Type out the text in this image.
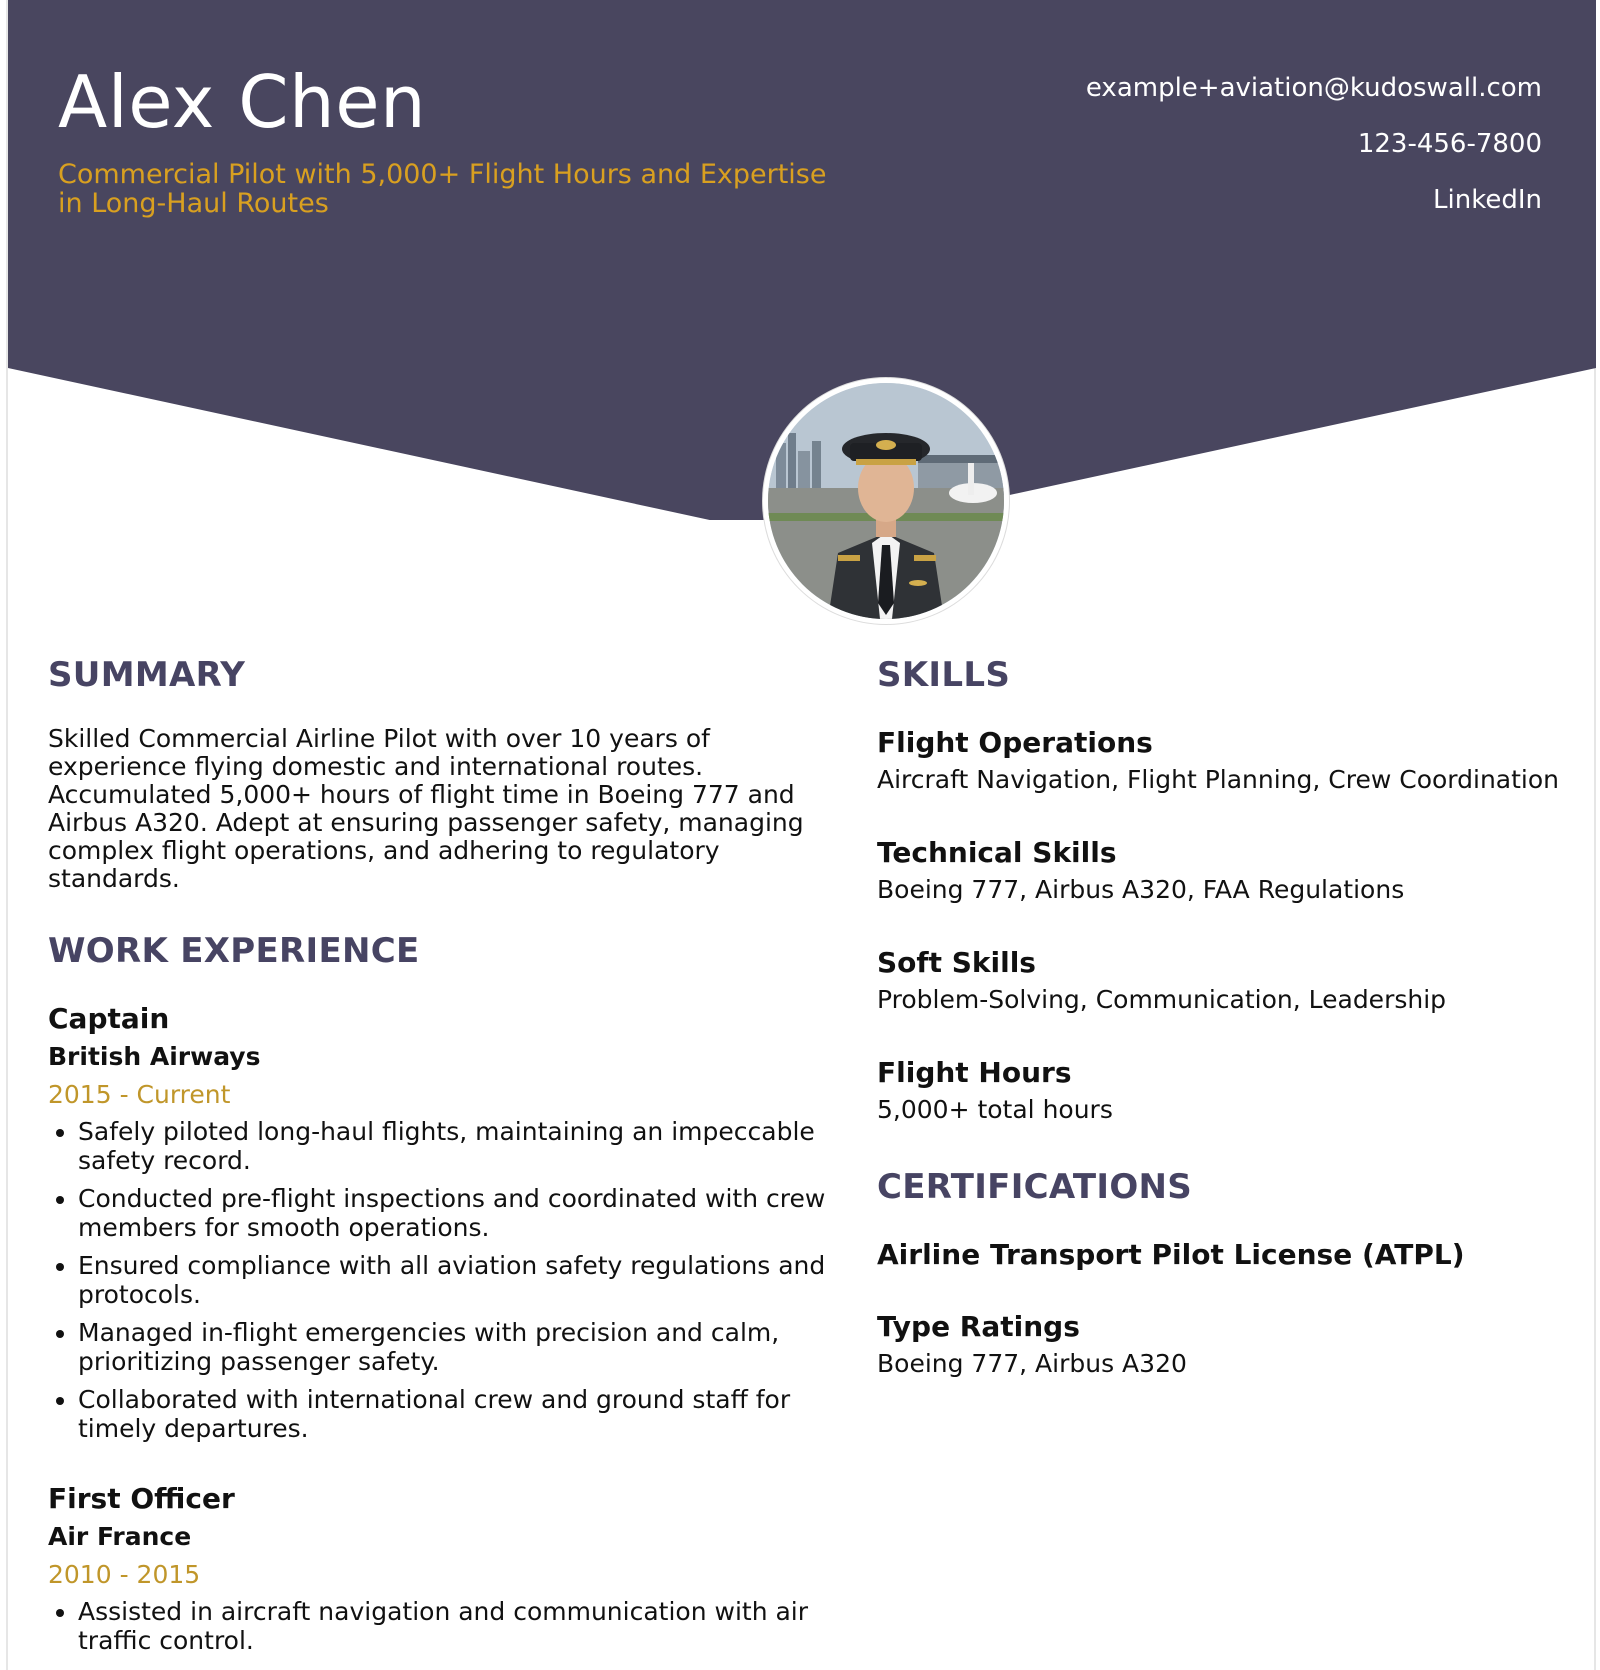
Alex Chen

Commercial Pilot with 5,000+ Flight Hours and Expertise in Long-Haul Routes

example+aviation@kudoswall.com
123-456-7800
LinkedIn
SUMMARY

Skilled Commercial Airline Pilot with over 10 years of experience flying domestic and international routes. Accumulated 5,000+ hours of flight time in Boeing 777 and Airbus A320. Adept at ensuring passenger safety, managing complex flight operations, and adhering to regulatory standards.

WORK EXPERIENCE
Captain
British Airways
2015 - Current
• Safely piloted long-haul flights, maintaining an impeccable safety record.
• Conducted pre-flight inspections and coordinated with crew members for smooth operations.
• Ensured compliance with all aviation safety regulations and protocols.
• Managed in-flight emergencies with precision and calm, prioritizing passenger safety.
• Collaborated with international crew and ground staff for timely departures.
First Officer
Air France
2010 - 2015
• Assisted in aircraft navigation and communication with air traffic control.
SKILLS
Flight Operations
Aircraft Navigation, Flight Planning, Crew Coordination
Technical Skills
Boeing 777, Airbus A320, FAA Regulations
Soft Skills
Problem-Solving, Communication, Leadership
Flight Hours
5,000+ total hours
CERTIFICATIONS
Airline Transport Pilot License (ATPL)
Type Ratings
Boeing 777, Airbus A320
